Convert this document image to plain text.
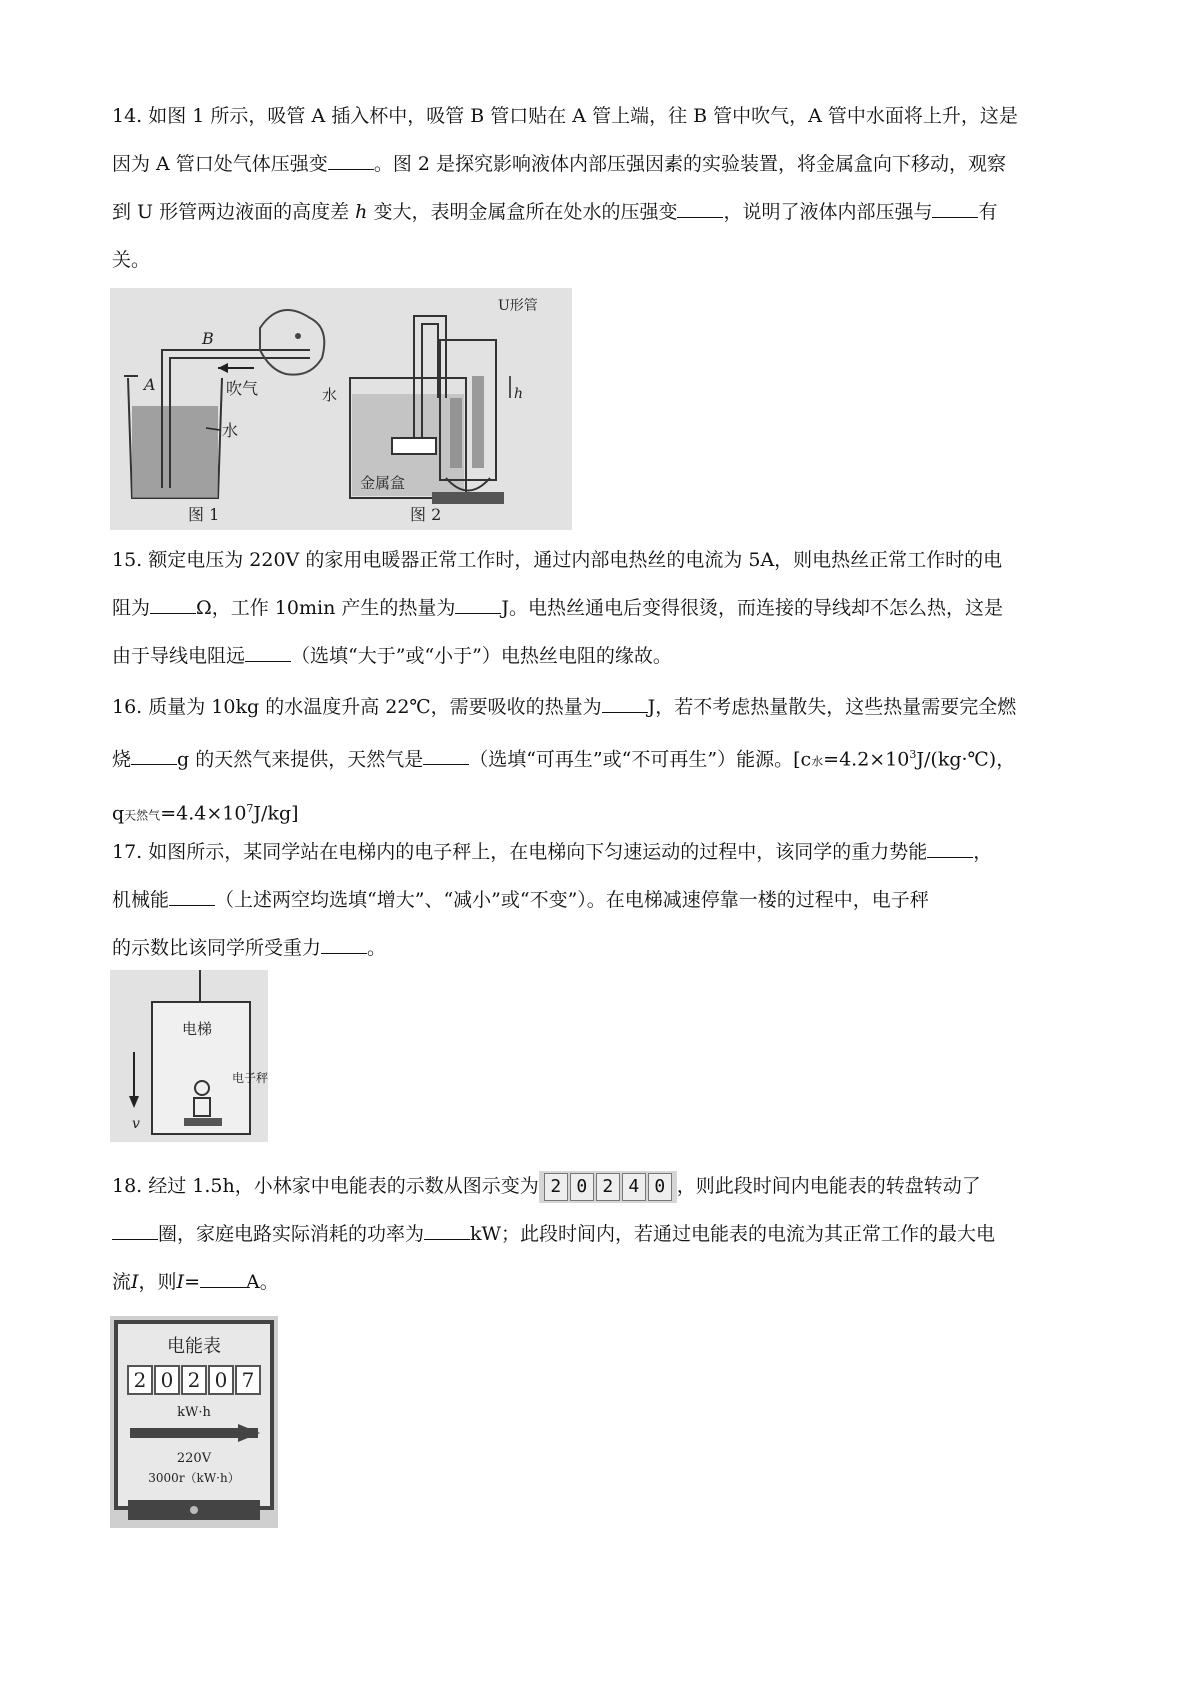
14. 如图 1 所示，吸管 A 插入杯中，吸管 B 管口贴在 A 管上端，往 B 管中吹气，A 管中水面将上升，这是
因为 A 管口处气体压强变 。图 2 是探究影响液体内部压强因素的实验装置，将金属盒向下移动，观察
到 U 形管两边液面的高度差 h 变大，表明金属盒所在处水的压强变 ，说明了液体内部压强与 有
关。
A
B
吹气
水
图 1
金属盒
水
U形管
h
图 2
15. 额定电压为 220V 的家用电暖器正常工作时，通过内部电热丝的电流为 5A，则电热丝正常工作时的电
阻为 Ω，工作 10min 产生的热量为 J。电热丝通电后变得很烫，而连接的导线却不怎么热，这是
由于导线电阻远 （选填“大于”或“小于”）电热丝电阻的缘故。
16. 质量为 10kg 的水温度升高 22℃，需要吸收的热量为 J，若不考虑热量散失，这些热量需要完全燃
烧 g 的天然气来提供，天然气是 （选填“可再生”或“不可再生”）能源。[c水$=4.2\times 10^3J/(kg\cdot℃)$，
q天然气$=4.4\times 10^7J/kg$]
17. 如图所示，某同学站在电梯内的电子秤上，在电梯向下匀速运动的过程中，该同学的重力势能 ，
机械能 （上述两空均选填“增大”、“减小”或“不变”）。在电梯减速停靠一楼的过程中，电子秤
的示数比该同学所受重力 。
电梯
v
电子秤
18. 经过 1.5h，小林家中电能表的示数从图示变为 2 0 2 4 0 ，则此段时间内电能表的转盘转动了
圈，家庭电路实际消耗的功率为 kW；此段时间内，若通过电能表的电流为其正常工作的最大电
流I，则I= A。
电能表
2 0 2 0 7
kW·h
220V
3000r（kW·h）
